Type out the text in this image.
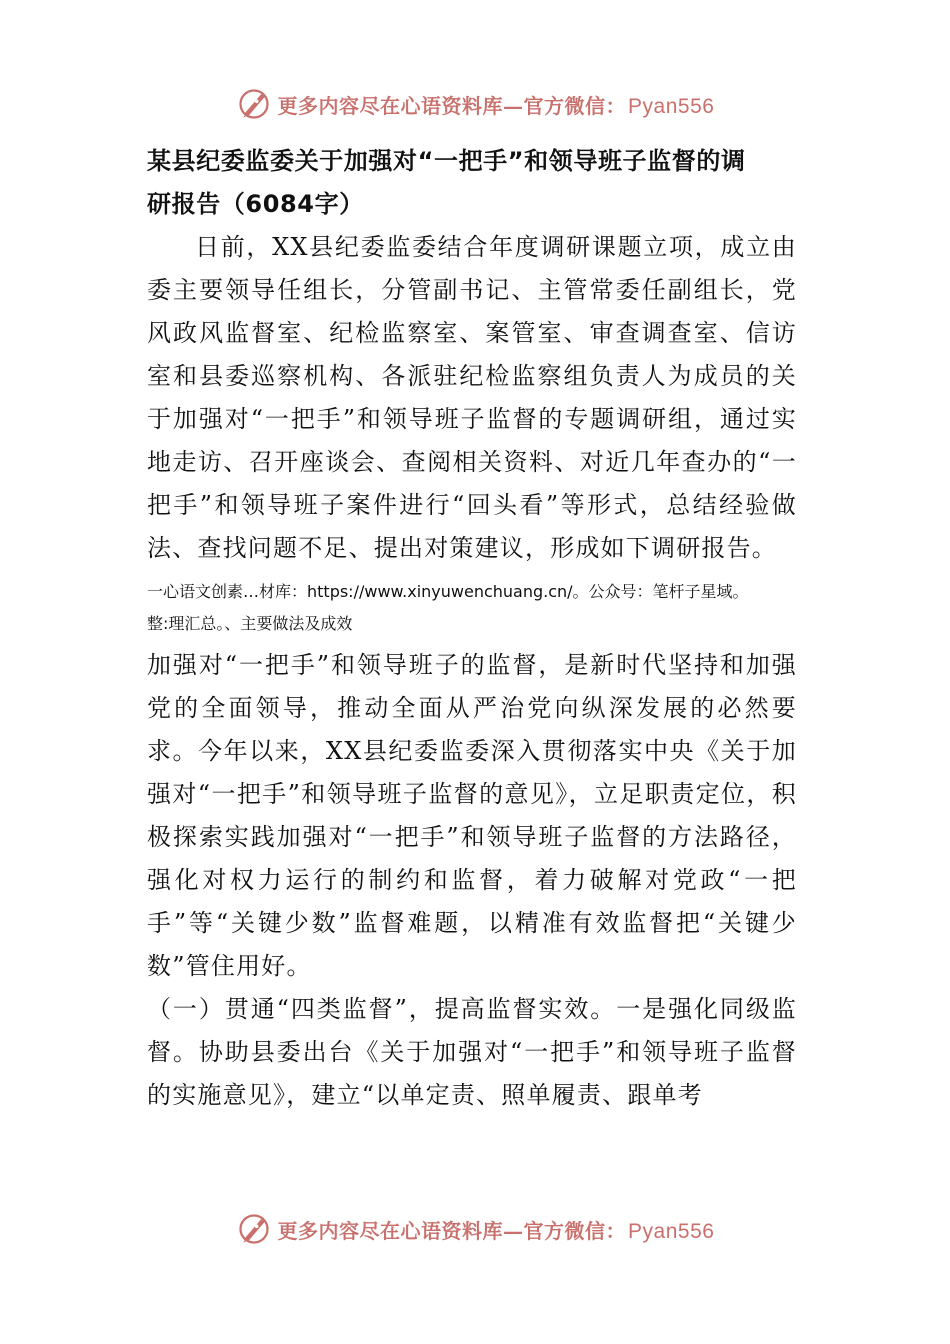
更多内容尽在心语资料库—官方微信：Pyan556

某县纪委监委关于加强对“一把手”和领导班子监督的调

研报告（6084字）

日前，XX县纪委监委结合年度调研课题立项，成立由委主要领导任组长，分管副书记、主管常委任副组长，党风政风监督室、纪检监察室、案管室、审查调查室、信访室和县委巡察机构、各派驻纪检监察组负责人为成员的关于加强对“一把手”和领导班子监督的专题调研组，通过实地走访、召开座谈会、查阅相关资料、对近几年查办的“一把手”和领导班子案件进行“回头看”等形式，总结经验做法、查找问题不足、提出对策建议，形成如下调研报告。

一心语文创素…材库：https://www.xinyuwenchuang.cn/。公众号：笔杆子星域。

整:理汇总。、主要做法及成效

加强对“一把手”和领导班子的监督，是新时代坚持和加强党的全面领导，推动全面从严治党向纵深发展的必然要求。今年以来，XX县纪委监委深入贯彻落实中央《关于加强对“一把手”和领导班子监督的意见》，立足职责定位，积极探索实践加强对“一把手”和领导班子监督的方法路径，强化对权力运行的制约和监督，着力破解对党政“一把手”等“关键少数”监督难题，以精准有效监督把“关键少数”管住用好。

（一）贯通“四类监督”，提高监督实效。一是强化同级监督。协助县委出台《关于加强对“一把手”和领导班子监督的实施意见》，建立“以单定责、照单履责、跟单考

更多内容尽在心语资料库—官方微信：Pyan556
